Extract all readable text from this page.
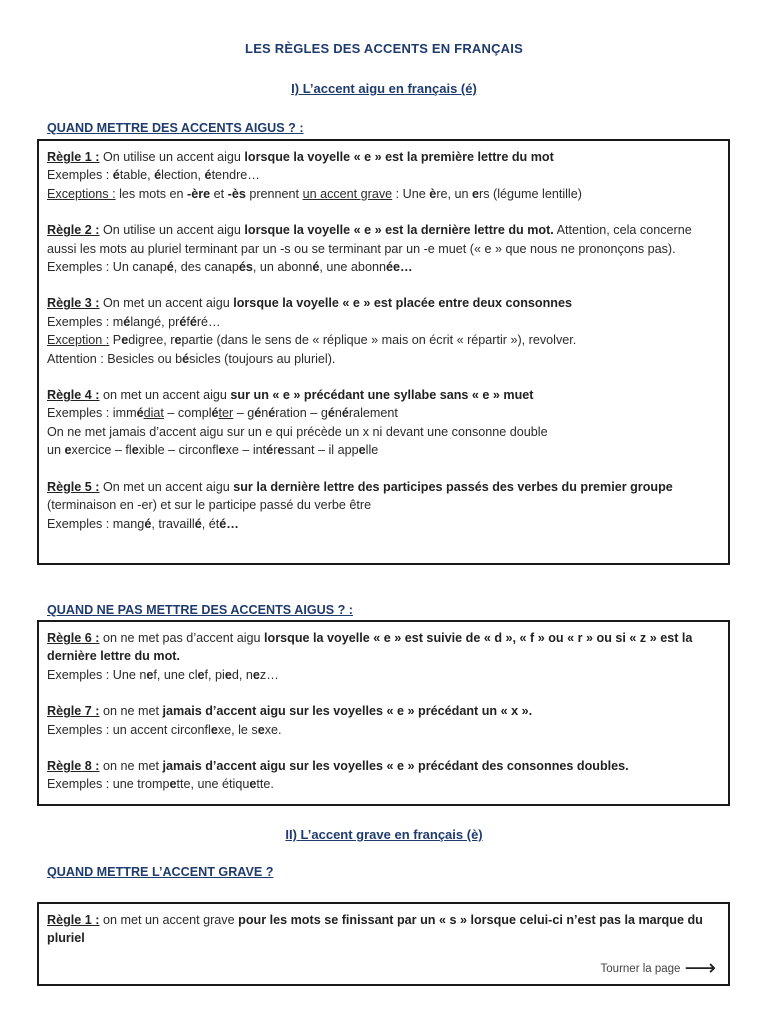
LES RÈGLES DES ACCENTS EN FRANÇAIS
I) L’accent aigu en français (é)
QUAND METTRE DES ACCENTS AIGUS ? :
Règle 1 : On utilise un accent aigu lorsque la voyelle « e » est la première lettre du mot
Exemples : étable, élection, étendre…
Exceptions : les mots en -ère et -ès prennent un accent grave : Une ère, un ers (légume lentille)
Règle 2 : On utilise un accent aigu lorsque la voyelle « e » est la dernière lettre du mot. Attention, cela concerne aussi les mots au pluriel terminant par un -s ou se terminant par un -e muet (« e » que nous ne prononçons pas).
Exemples : Un canapé, des canapés, un abonné, une abonnée…
Règle 3 : On met un accent aigu lorsque la voyelle « e » est placée entre deux consonnes
Exemples : mélangé, préféré…
Exception : Pedigree, repartie (dans le sens de « réplique » mais on écrit « répartir »), revolver.
Attention : Besicles ou bésicles (toujours au pluriel).
Règle 4 : on met un accent aigu sur un « e » précédant une syllabe sans « e » muet
Exemples : immédiat – compléter – génération – généralement
On ne met jamais d’accent aigu sur un e qui précède un x ni devant une consonne double
un exercice – flexible – circonflexe – intéressant – il appelle
Règle 5 : On met un accent aigu sur la dernière lettre des participes passés des verbes du premier groupe (terminaison en -er) et sur le participe passé du verbe être
Exemples : mangé, travaillé, été…
QUAND NE PAS METTRE DES ACCENTS AIGUS ? :
Règle 6 : on ne met pas d’accent aigu lorsque la voyelle « e » est suivie de « d », « f » ou « r » ou si « z » est la dernière lettre du mot.
Exemples : Une nef, une clef, pied, nez…
Règle 7 : on ne met jamais d’accent aigu sur les voyelles « e » précédant un « x ».
Exemples : un accent circonflexe, le sexe.
Règle 8 : on ne met jamais d’accent aigu sur les voyelles « e » précédant des consonnes doubles.
Exemples : une trompette, une étiquette.
II) L’accent grave en français (è)
QUAND METTRE L’ACCENT GRAVE ?
Règle 1 : on met un accent grave pour les mots se finissant par un « s » lorsque celui-ci n’est pas la marque du pluriel
Tourner la page ⟶
